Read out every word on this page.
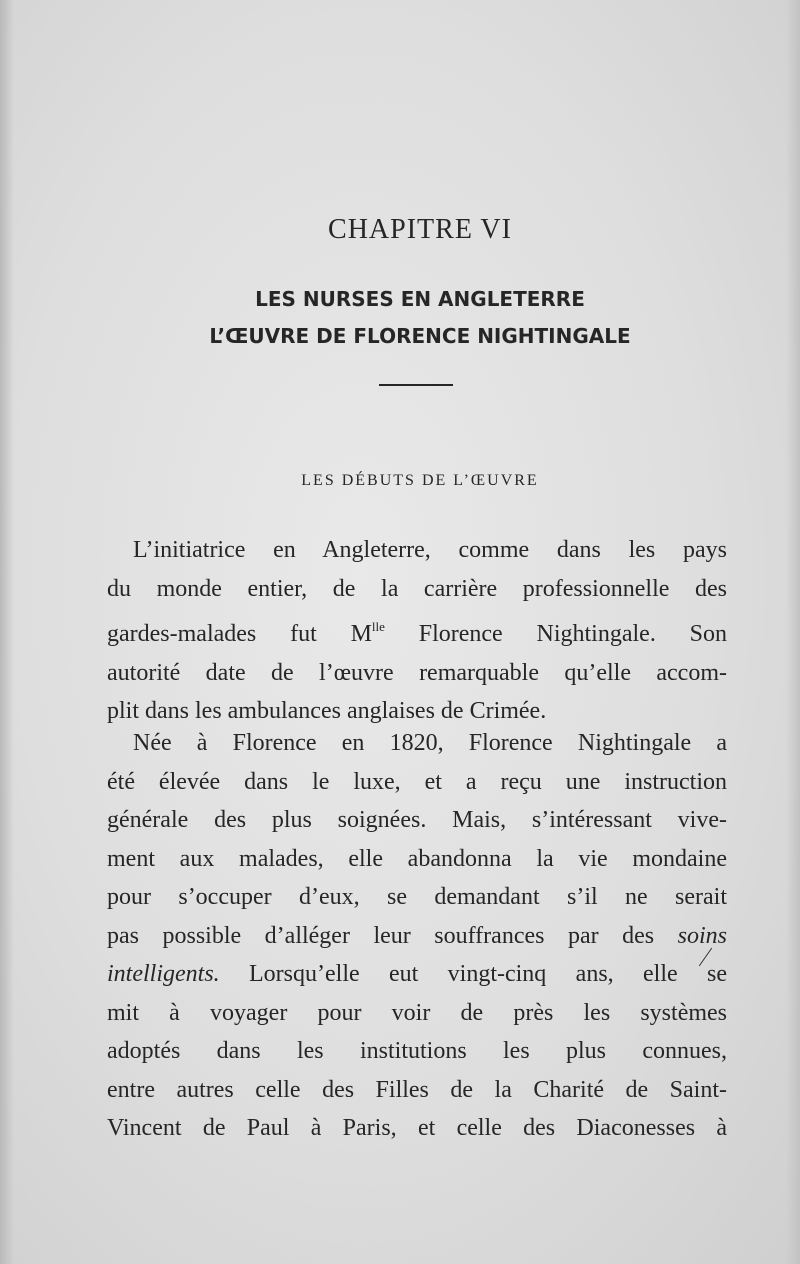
CHAPITRE VI
LES NURSES EN ANGLETERRE
L’ŒUVRE DE FLORENCE NIGHTINGALE
LES DÉBUTS DE L’ŒUVRE
L’initiatrice en Angleterre, comme dans les pays
du monde entier, de la carrière professionnelle des
gardes-malades fut $M^{lle}$ Florence Nightingale. Son
autorité date de l’œuvre remarquable qu’elle accom-
plit dans les ambulances anglaises de Crimée.
Née à Florence en 1820, Florence Nightingale a
été élevée dans le luxe, et a reçu une instruction
générale des plus soignées. Mais, s’intéressant vive-
ment aux malades, elle abandonna la vie mondaine
pour s’occuper d’eux, se demandant s’il ne serait
pas possible d’alléger leur souffrances par des soins
intelligents. Lorsqu’elle eut vingt-cinq ans, elle se
mit à voyager pour voir de près les systèmes
adoptés dans les institutions les plus connues,
entre autres celle des Filles de la Charité de Saint-
Vincent de Paul à Paris, et celle des Diaconesses à
